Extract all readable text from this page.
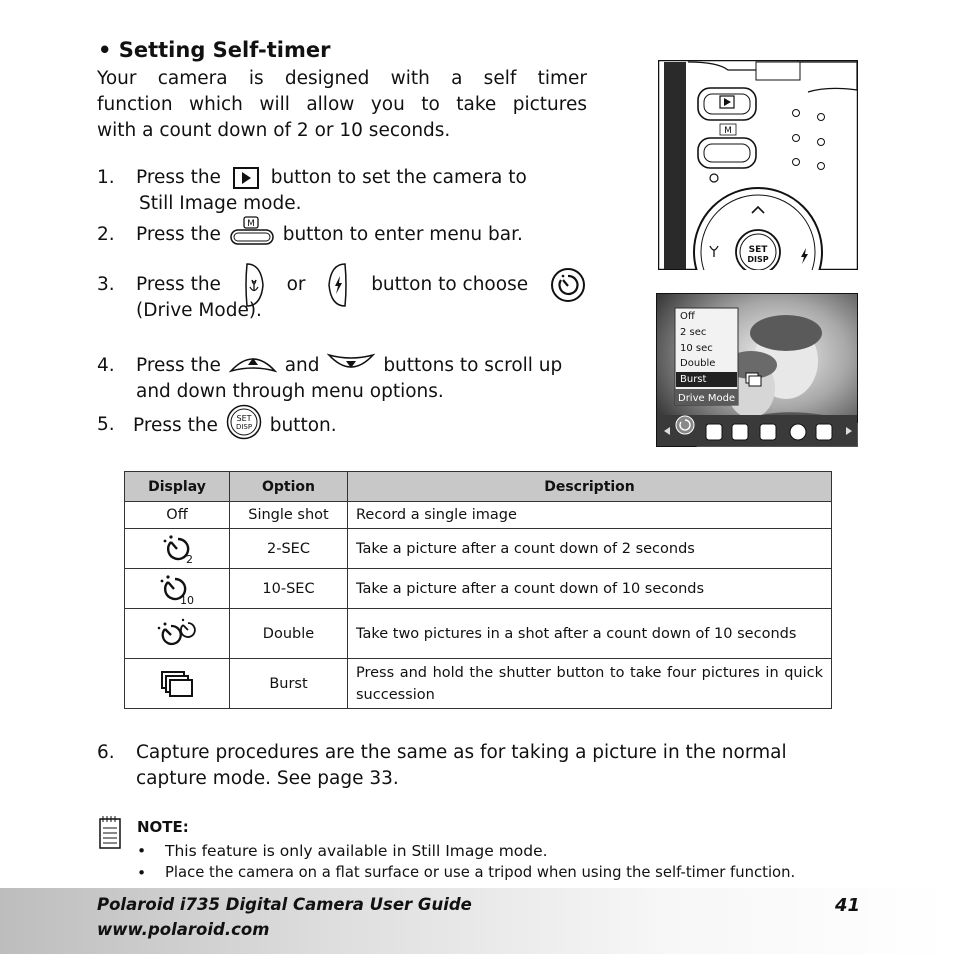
• Setting Self-timer
Your camera is designed with a self timer
function which will allow you to take pictures
with a count down of 2 or 10 seconds.
1. Press the	button to set the camera to
Still Image mode.
2. Press the	M button to enter menu bar.
3. Press the	or	button to choose
(Drive Mode).
4. Press the	and	buttons to scroll up
and down through menu options.
5. Press the SET
DISP button.
M
SET
DISP
Off
2 sec
10 sec
Double
Burst
Drive Mode
Display	Option	Description
Off	Single shot	Record a single image

2	2-SEC	Take a picture after a count down of 2 seconds

10	10-SEC	Take a picture after a count down of 10 seconds
	Double	Take two pictures in a shot after a count down of 10 seconds
	Burst	Press and hold the shutter button to take four pictures in quick succession
6. Capture procedures are the same as for taking a picture in the normal
capture mode. See page 33.
NOTE:
• This feature is only available in Still Image mode.
• Place the camera on a flat surface or use a tripod when using the self-timer function.
Polaroid i735 Digital Camera User Guide
www.polaroid.com
41
